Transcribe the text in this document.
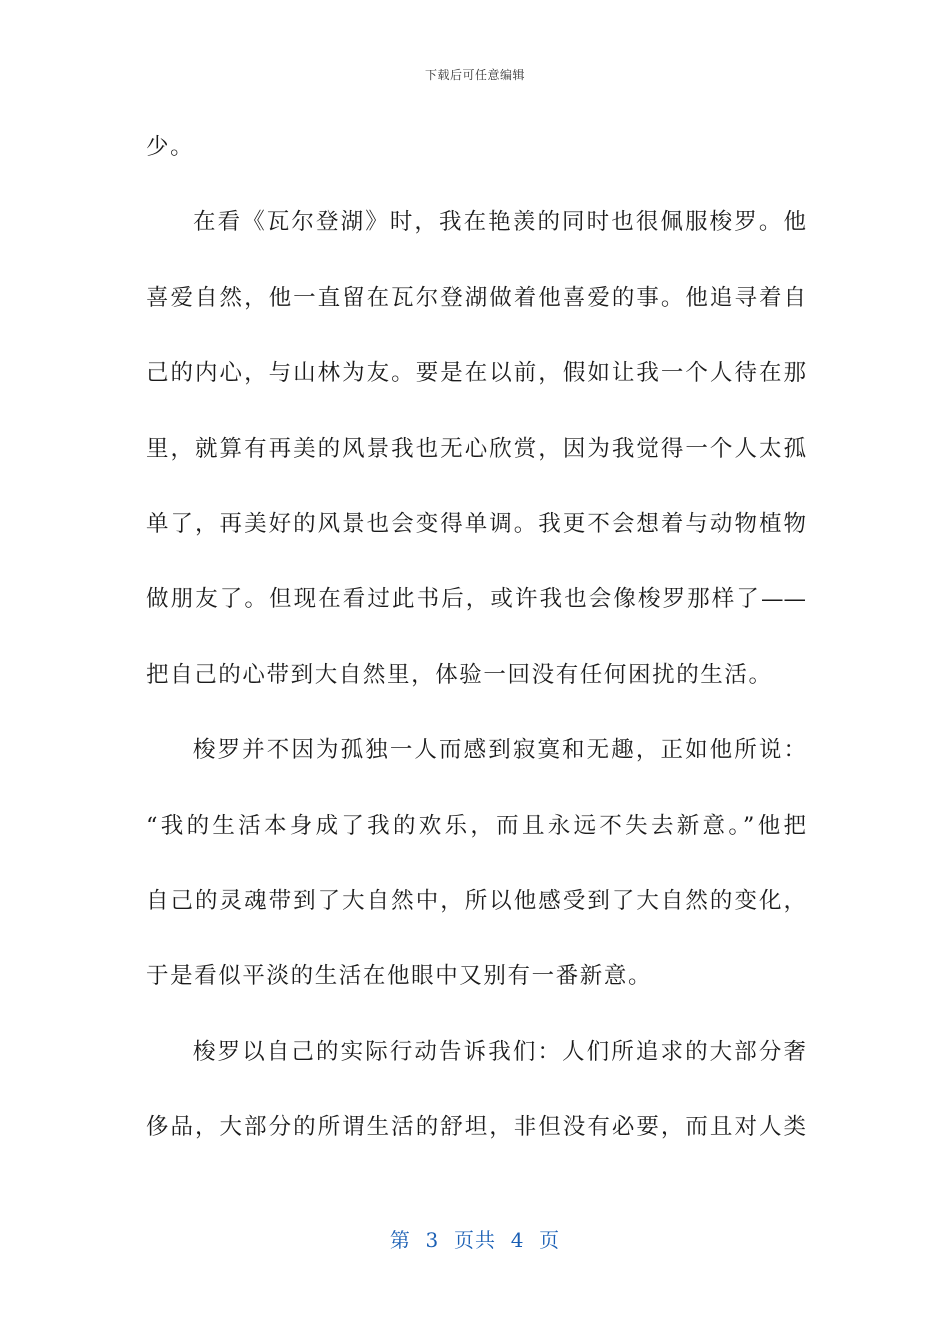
下载后可任意编辑
少。
在看《瓦尔登湖》时，我在艳羡的同时也很佩服梭罗。他
喜爱自然，他一直留在瓦尔登湖做着他喜爱的事。他追寻着自
己的内心，与山林为友。要是在以前，假如让我一个人待在那
里，就算有再美的风景我也无心欣赏，因为我觉得一个人太孤
单了，再美好的风景也会变得单调。我更不会想着与动物植物
做朋友了。但现在看过此书后，或许我也会像梭罗那样了——
把自己的心带到大自然里，体验一回没有任何困扰的生活。
梭罗并不因为孤独一人而感到寂寞和无趣，正如他所说：
“我的生活本身成了我的欢乐，而且永远不失去新意。”他把
自己的灵魂带到了大自然中，所以他感受到了大自然的变化，
于是看似平淡的生活在他眼中又别有一番新意。
梭罗以自己的实际行动告诉我们：人们所追求的大部分奢
侈品，大部分的所谓生活的舒坦，非但没有必要，而且对人类
第  3  页共  4  页
